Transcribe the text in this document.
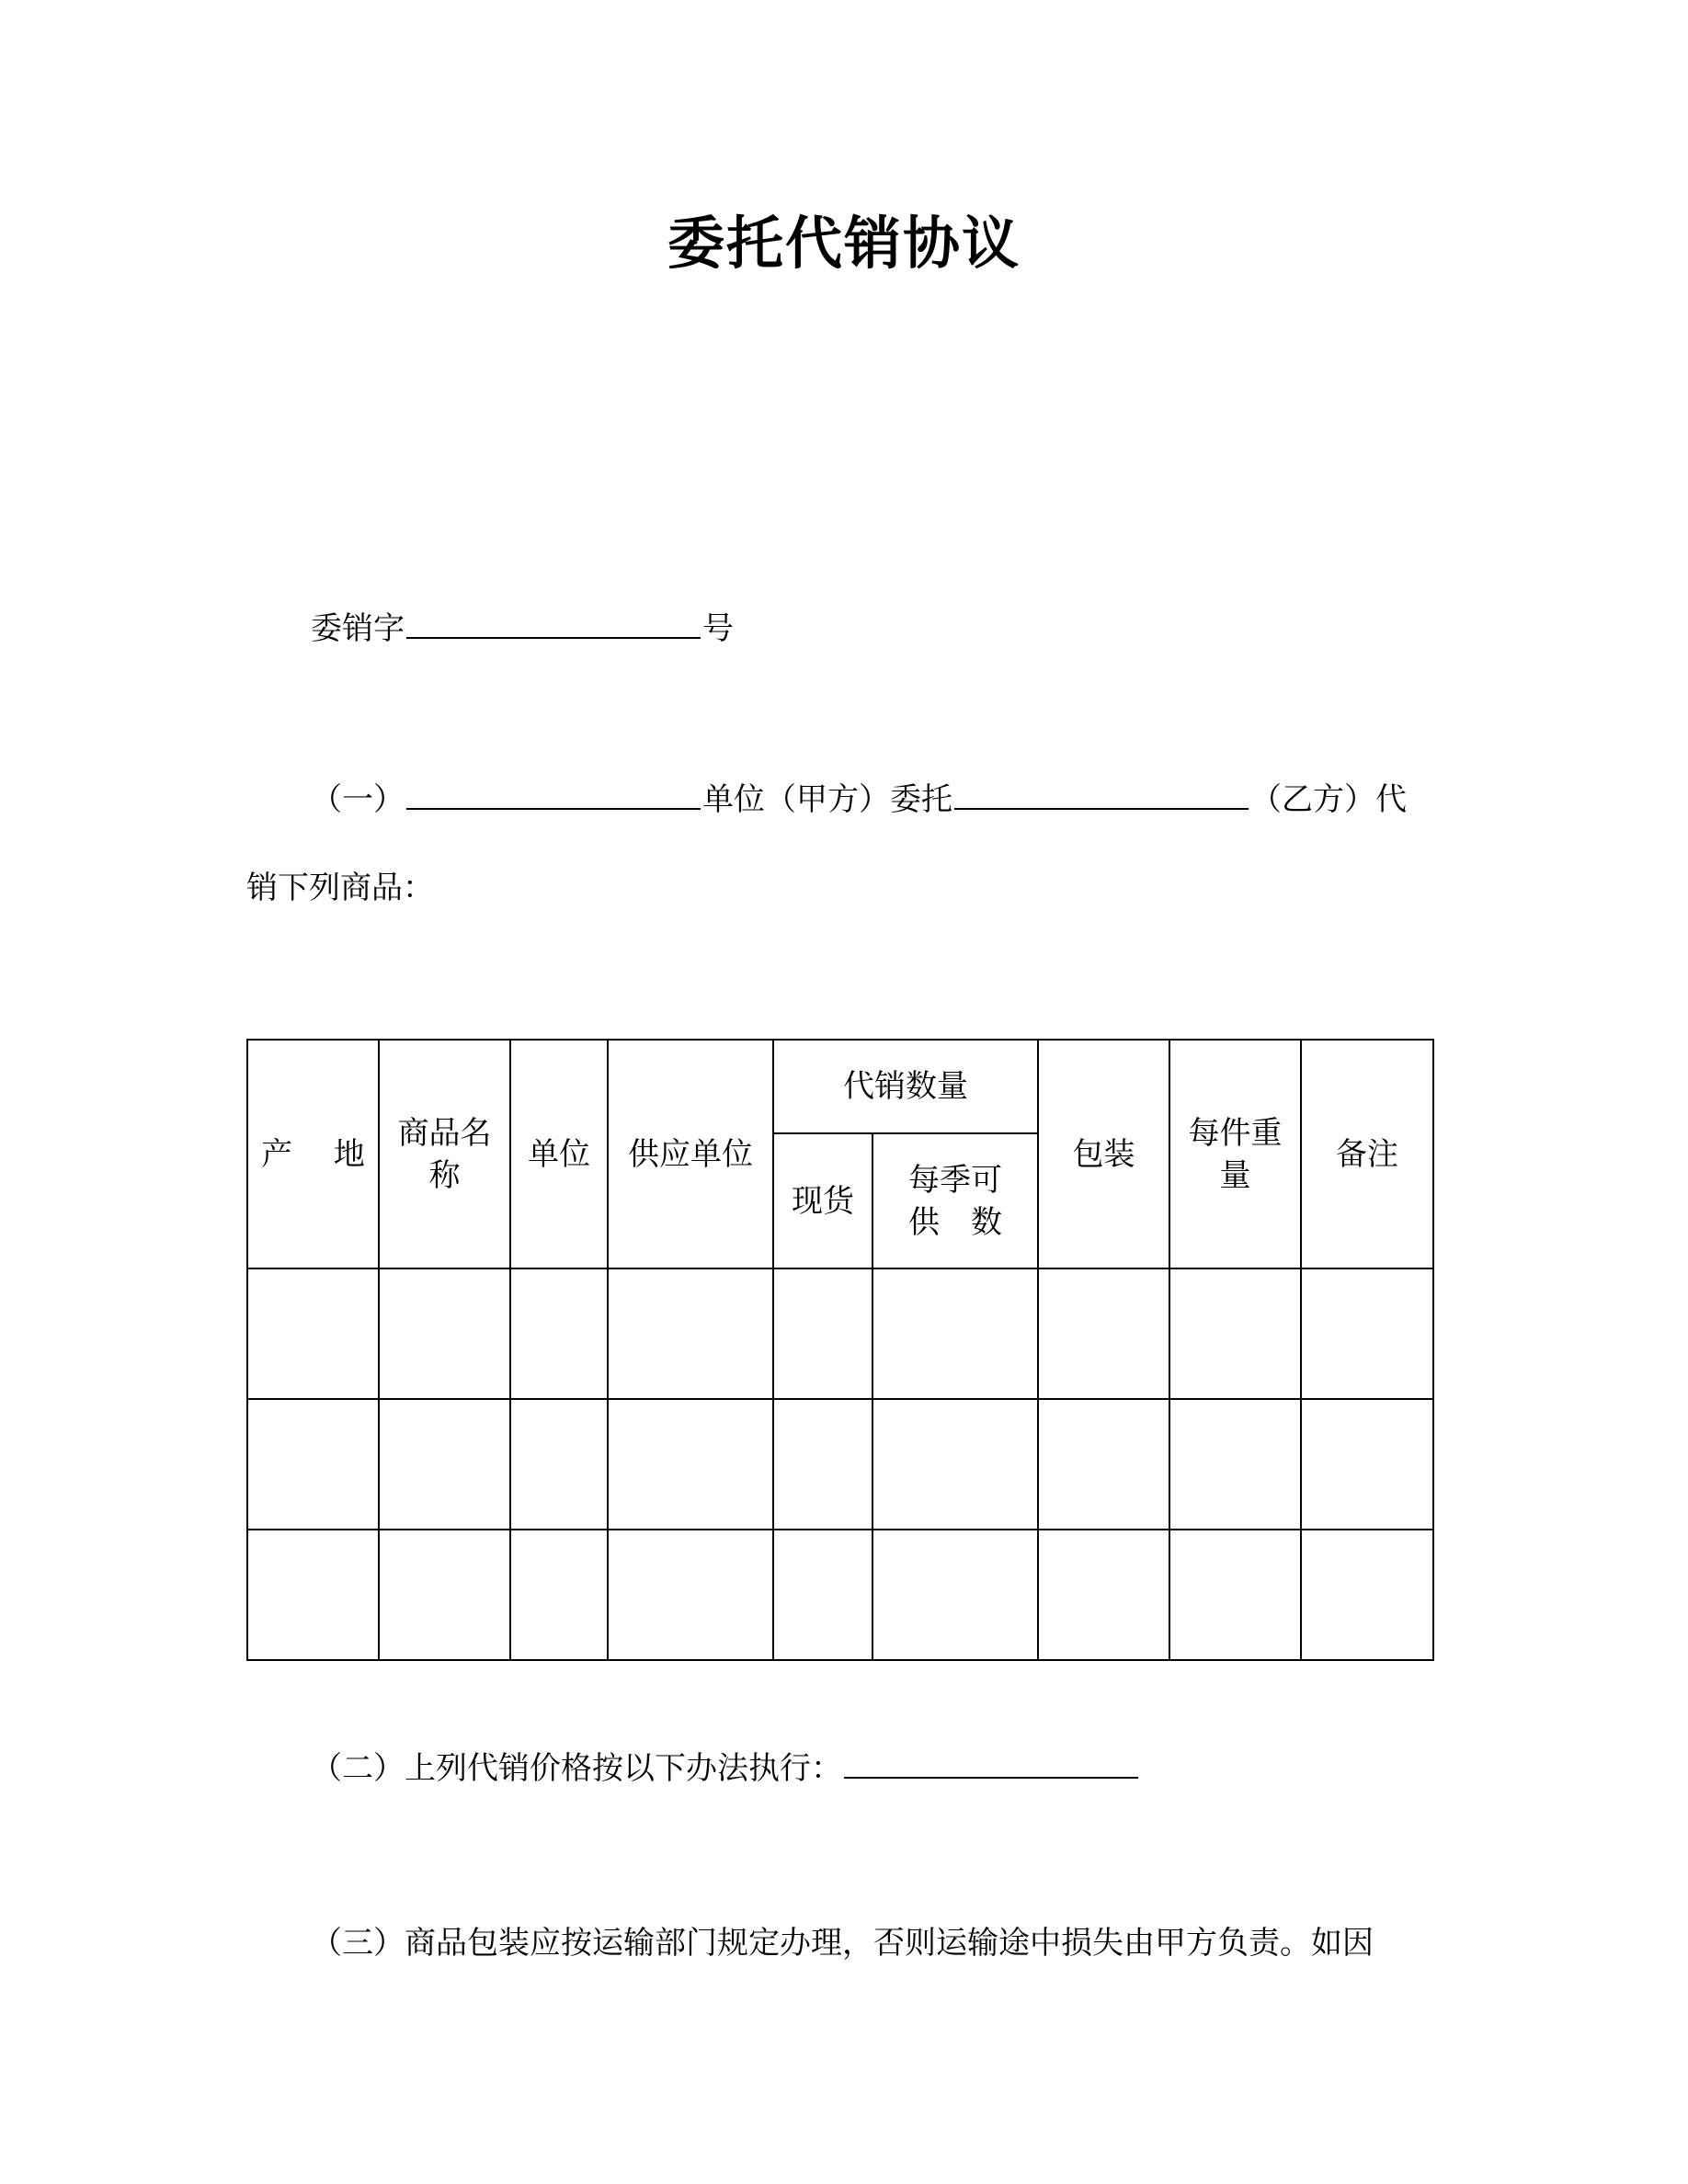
委托代销协议
委销字	号
（一）	单位（甲方）委托	（乙方）代
销下列商品：
产　 地	商品名称	单位	供应单位	代销数量		包装	每件重量	备注
				现货	每季可供　数			

（二）上列代销价格按以下办法执行：
（三）商品包装应按运输部门规定办理，否则运输途中损失由甲方负责。如因
